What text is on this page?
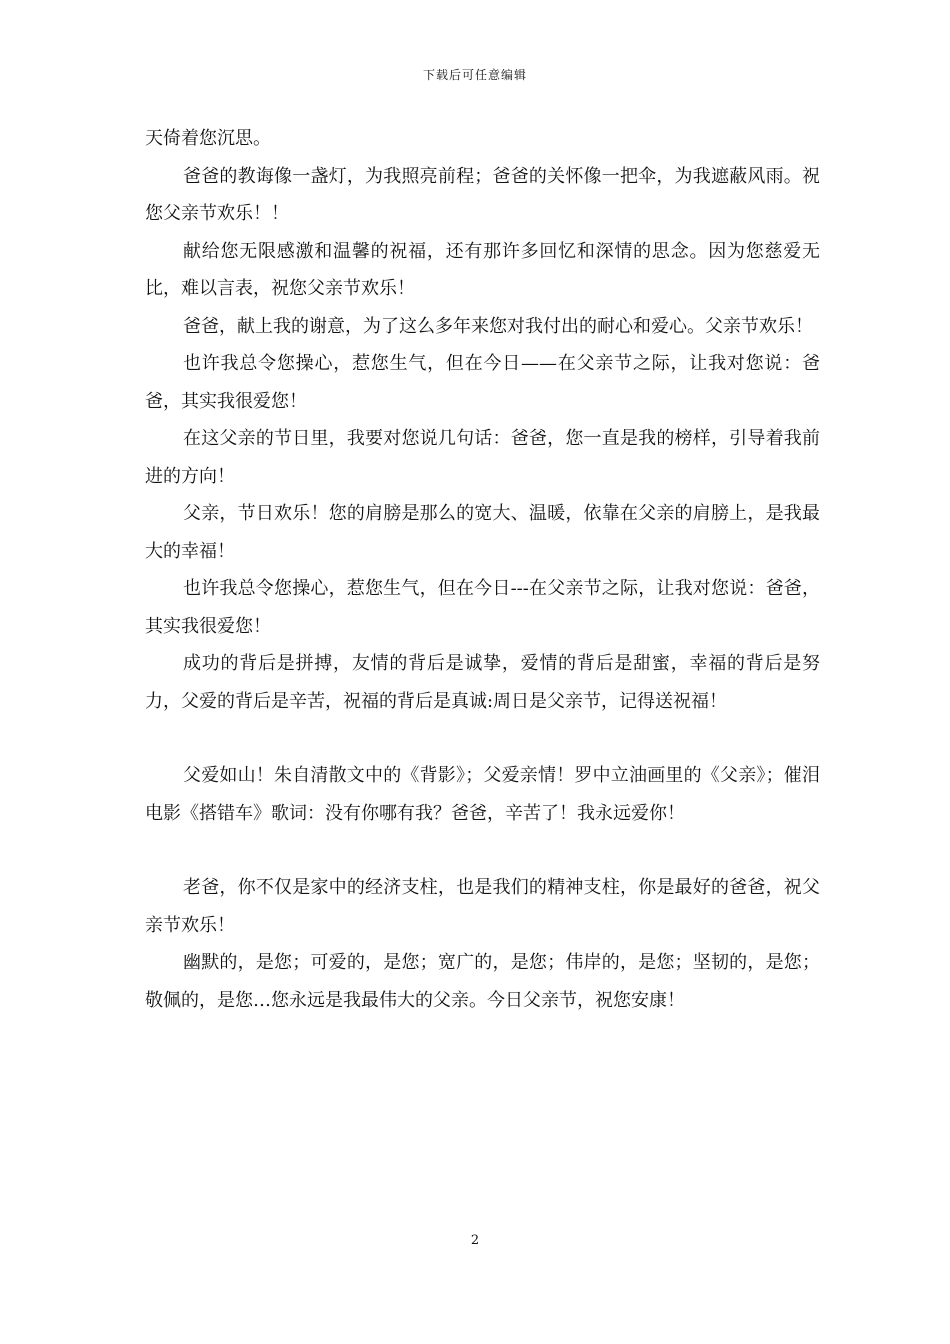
下载后可任意编辑

天倚着您沉思。

爸爸的教诲像一盏灯，为我照亮前程；爸爸的关怀像一把伞，为我遮蔽风雨。祝您父亲节欢乐！！

献给您无限感激和温馨的祝福，还有那许多回忆和深情的思念。因为您慈爱无比，难以言表，祝您父亲节欢乐！

爸爸，献上我的谢意，为了这么多年来您对我付出的耐心和爱心。父亲节欢乐！

也许我总令您操心，惹您生气，但在今日——在父亲节之际，让我对您说：爸爸，其实我很爱您！

在这父亲的节日里，我要对您说几句话：爸爸，您一直是我的榜样，引导着我前进的方向！

父亲，节日欢乐！您的肩膀是那么的宽大、温暖，依靠在父亲的肩膀上，是我最大的幸福！

也许我总令您操心，惹您生气，但在今日---在父亲节之际，让我对您说：爸爸，其实我很爱您！

成功的背后是拼搏，友情的背后是诚挚，爱情的背后是甜蜜，幸福的背后是努力，父爱的背后是辛苦，祝福的背后是真诚:周日是父亲节，记得送祝福！

父爱如山！朱自清散文中的《背影》；父爱亲情！罗中立油画里的《父亲》；催泪电影《搭错车》歌词：没有你哪有我？爸爸，辛苦了！我永远爱你！

老爸，你不仅是家中的经济支柱，也是我们的精神支柱，你是最好的爸爸，祝父亲节欢乐！

幽默的，是您；可爱的，是您；宽广的，是您；伟岸的，是您；坚韧的，是您；敬佩的，是您…您永远是我最伟大的父亲。今日父亲节，祝您安康！

2
